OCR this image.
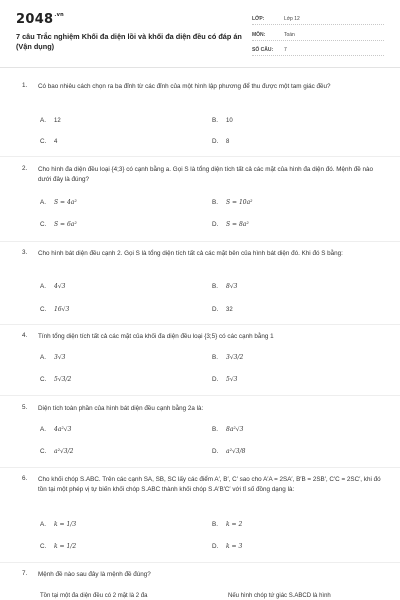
$2048^{.vn}$
7 câu Trắc nghiệm Khối đa diện lồi và khối đa diện đều có đáp án (Vận dụng)
LỚP:	Lớp 12
MÔN:	Toán
SỐ CÂU: 7
1. Có bao nhiêu cách chọn ra ba đỉnh từ các đỉnh của một hình lập phương để thu được một tam giác đều?
A. 12	B. 10
C. 4	D. 8
2. Cho hình đa diện đều loại {4;3} có cạnh bằng a. Gọi S là tổng diện tích tất cả các mặt của hình đa diện đó. Mệnh đề nào dưới đây là đúng?
A. S = 4a²	B. S = 10a²
C. S = 6a²	D. S = 8a²
3. Cho hình bát diện đều cạnh 2. Gọi S là tổng diện tích tất cả các mặt bên của hình bát diện đó. Khi đó S bằng:
A. 4√3	B. 8√3
C. 16√3	D. 32
4. Tính tổng diện tích tất cả các mặt của khối đa diện đều loại {3;5} có các cạnh bằng 1
A. 3√3	B. 3√3/2
C. 5√3/2	D. 5√3
5. Diện tích toàn phần của hình bát diện đều cạnh bằng 2a là:
A. 4a²√3	B. 8a²√3
C. a²√3/2	D. a²√3/8
6. Cho khối chóp S.ABC. Trên các cạnh SA, SB, SC lấy các điểm A′, B′, C′ sao cho A′A = 2SA′, B′B = 2SB′, C′C = 2SC′, khi đó tồn tại một phép vị tự biến khối chóp S.ABC thành khối chóp S.A′B′C′ với tỉ số đồng dạng là:
A. k = 1/3	B. k = 2
C. k = 1/2	D. k = 3
7. Mệnh đề nào sau đây là mệnh đề đúng?
Tồn tại một đa diện đều có 2 mặt là 2 đa	Nếu hình chóp tứ giác S.ABCD là hình
